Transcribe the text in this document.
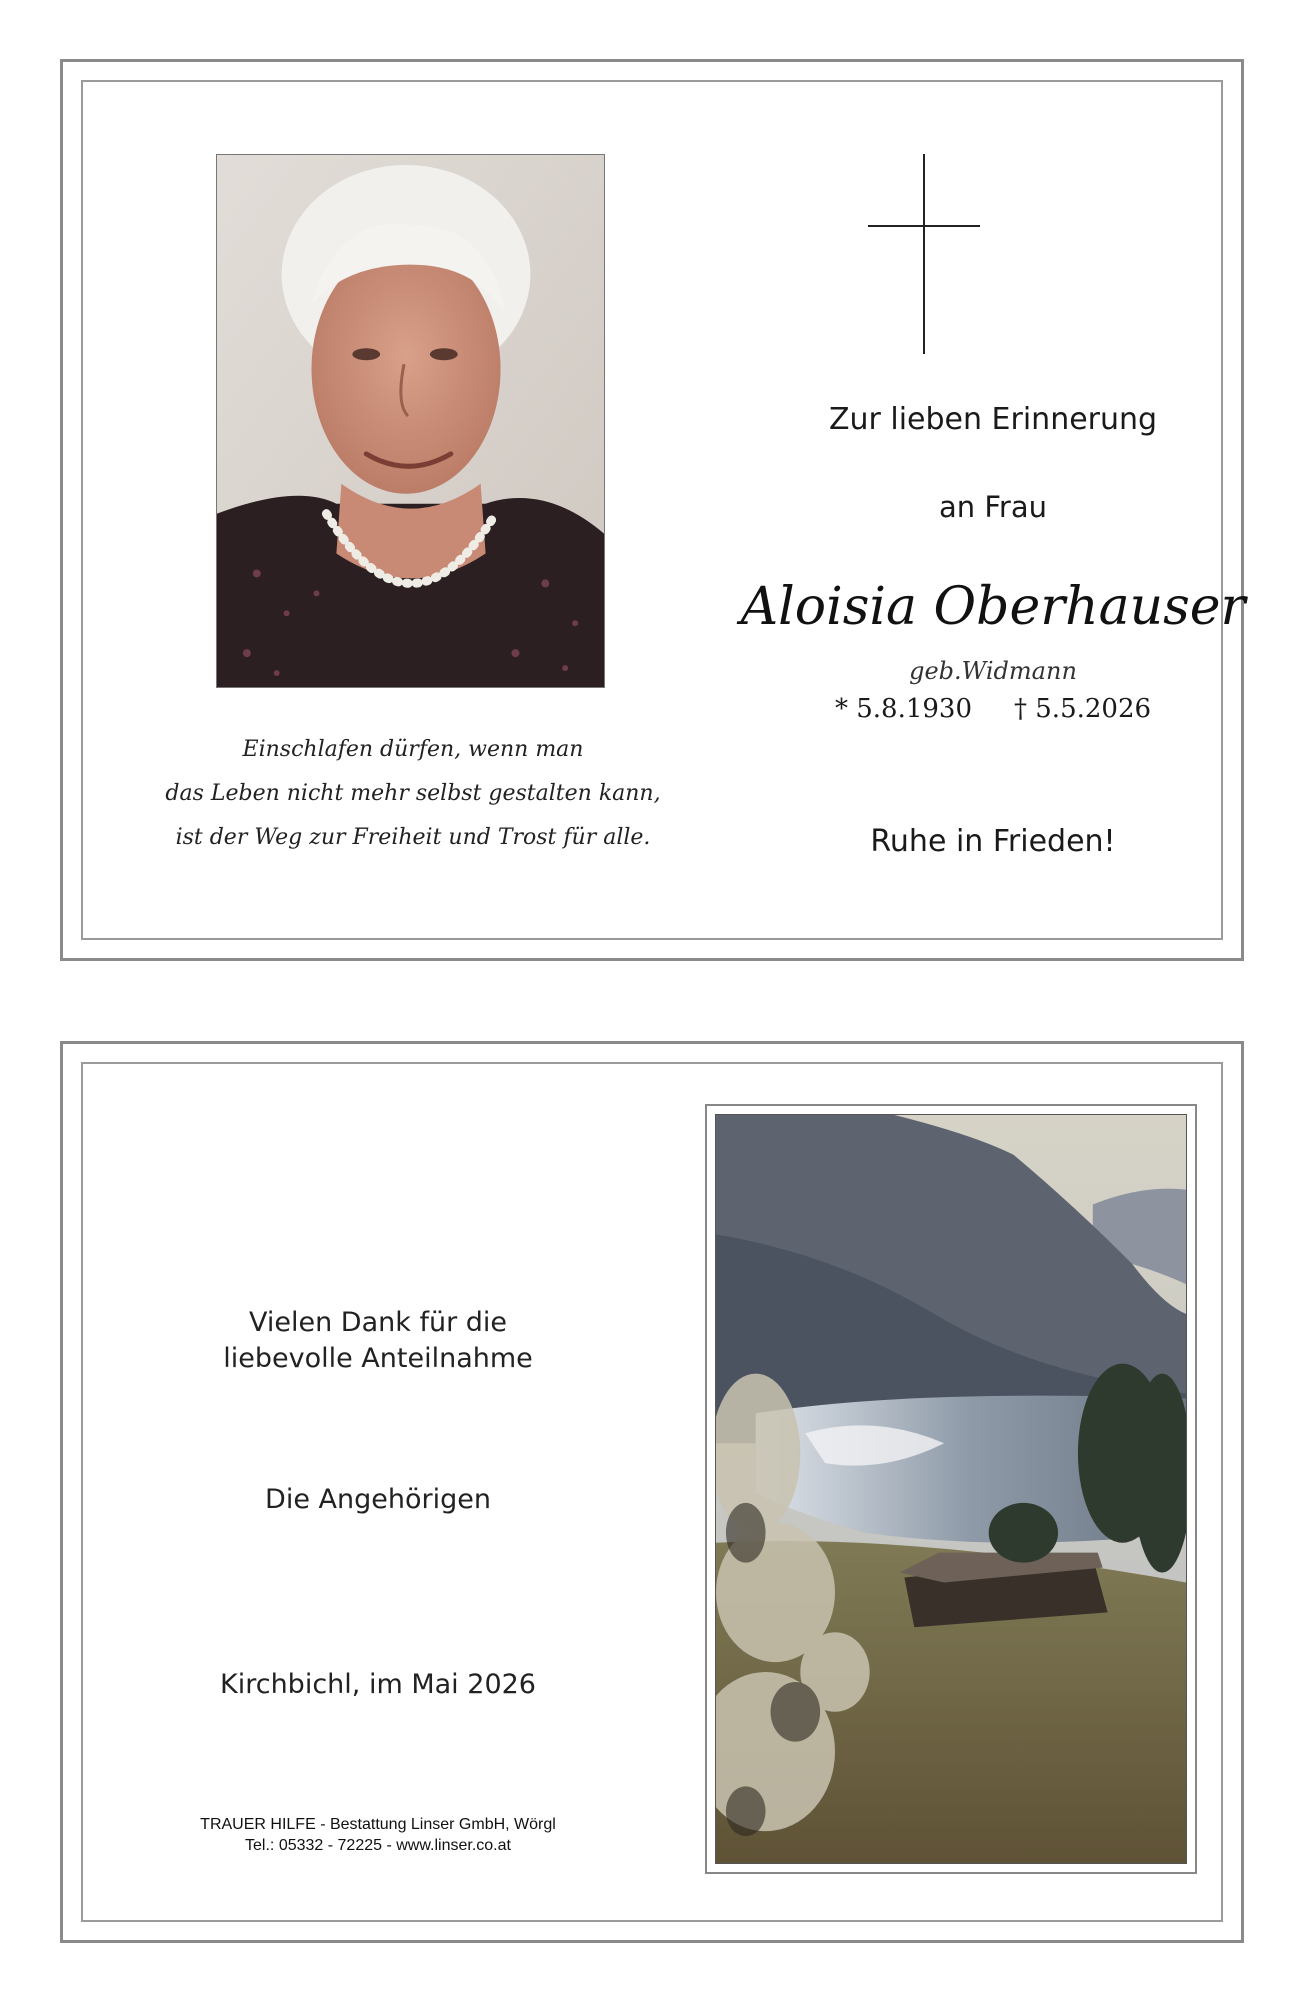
Einschlafen dürfen, wenn man
das Leben nicht mehr selbst gestalten kann,
ist der Weg zur Freiheit und Trost für alle.
Zur lieben Erinnerung
an Frau
Aloisia Oberhauser
geb.Widmann
* 5.8.1930 † 5.5.2026
Ruhe in Frieden!
Vielen Dank für die
liebevolle Anteilnahme
Die Angehörigen
Kirchbichl, im Mai 2026
TRAUER HILFE - Bestattung Linser GmbH, Wörgl
Tel.: 05332 - 72225 - www.linser.co.at
